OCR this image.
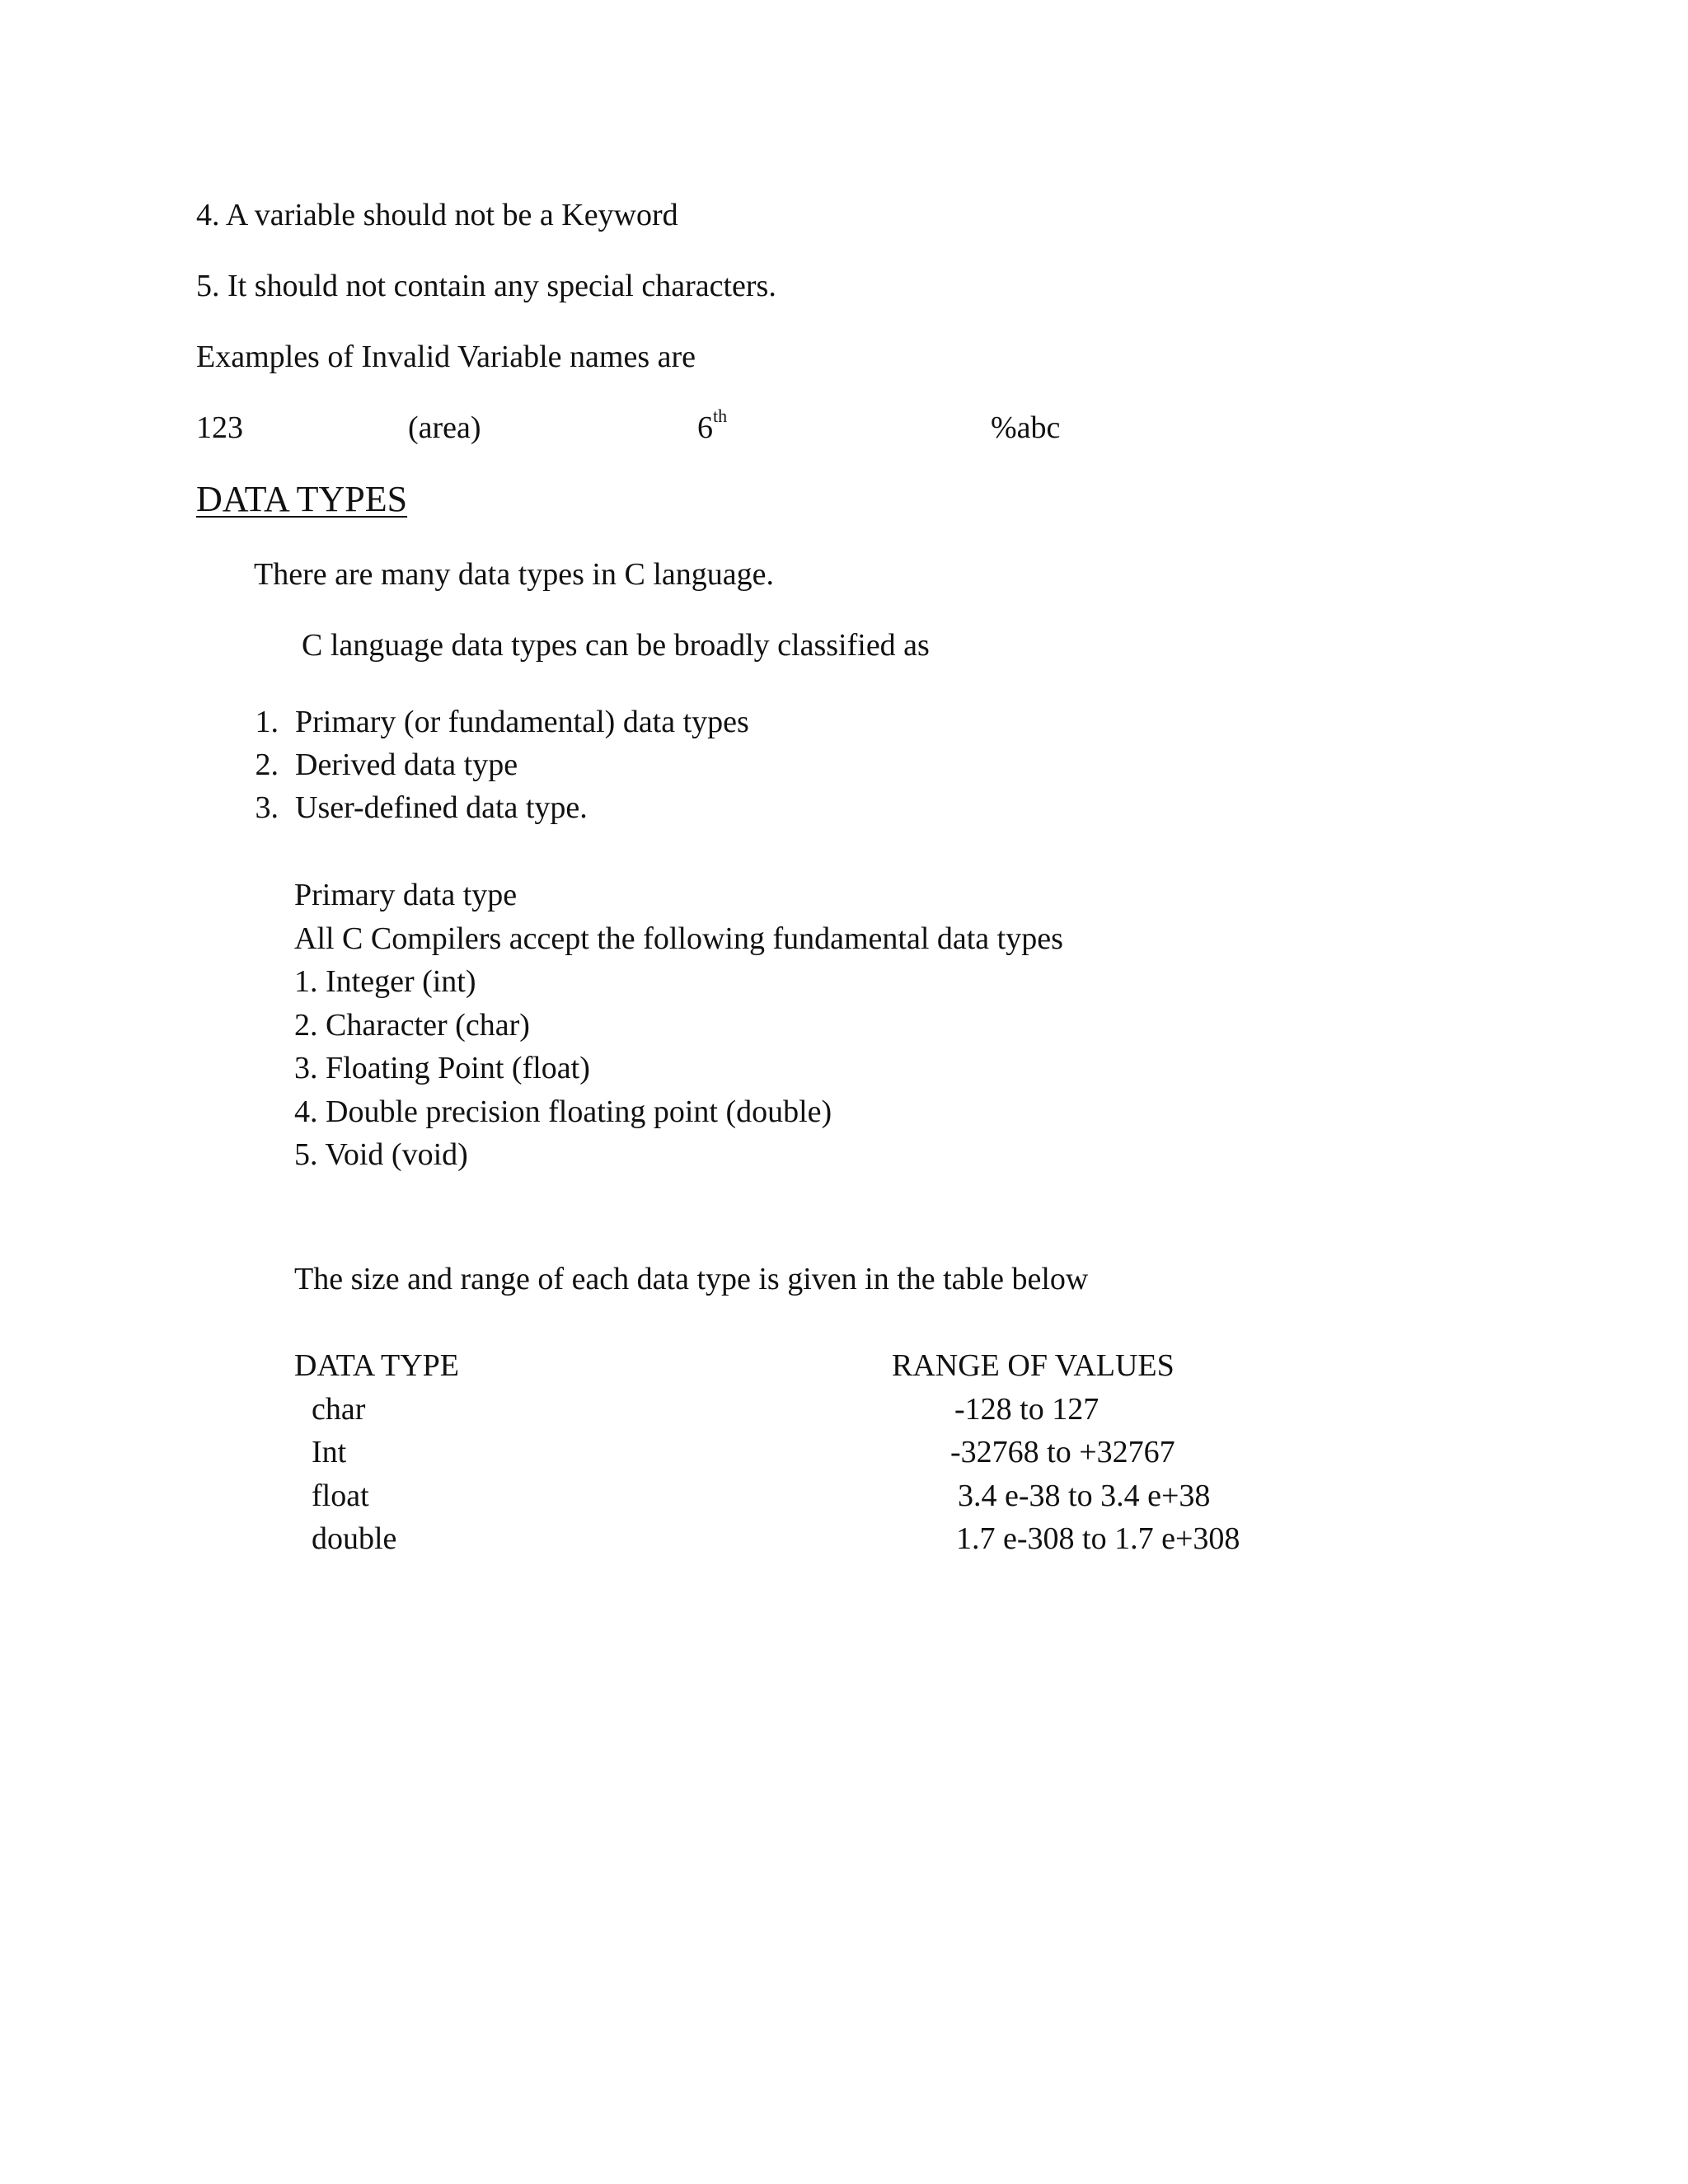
4. A variable should not be a Keyword

5. It should not contain any special characters.

Examples of Invalid Variable names are

123	(area)	6th	%abc
DATA TYPES

There are many data types in C language.

C language data types can be broadly classified as

1. Primary (or fundamental) data types
2. Derived data type
3. User-defined data type.
Primary data type
All C Compilers accept the following fundamental data types
1. Integer (int)
2. Character (char)
3. Floating Point (float)
4. Double precision floating point (double)
5. Void (void)

The size and range of each data type is given in the table below

DATA TYPE	RANGE OF VALUES
char	-128 to 127
Int	-32768 to +32767
float	3.4 e-38 to 3.4 e+38
double	1.7 e-308 to 1.7 e+308
